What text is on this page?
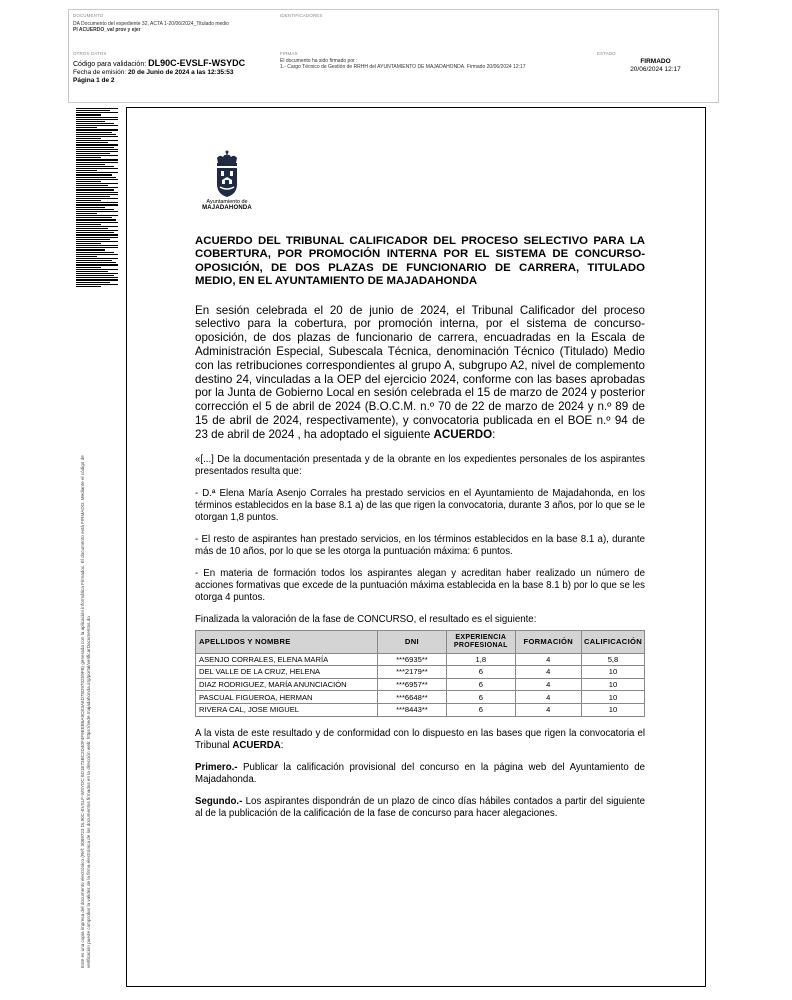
DOCUMENTO
DA Documento del expediente 32, ACTA 1-20/06/2024_Titulado medio
PI ACUERDO_val prov y ejer
IDENTIFICADORES
OTROS DATOS
Código para validación: DL90C-EVSLF-WSYDC
Fecha de emisión: 20 de Junio de 2024 a las 12:35:53
Página 1 de 2
FIRMAS
El documento ha sido firmado por :
1.- Cargo Técnico de Gestión de RRHH del AYUNTAMIENTO DE MAJADAHONDA. Firmado 20/06/2024 12:17
ESTADO
FIRMADO
20/06/2024 12:17
Este es una copia impresa del documento electrónico (Ref: 3089723 DL90C-EVSLF-WSYDC 6D1E73BC2D40F4F9EEB6A9CE3A6D75D970259FB) generada con la aplicación informática Firmadoc. El documento está FIRMADO. Mediante el código de verificación puede comprobar la validez de la firma electrónica de los documentos firmados en la dirección web: https://sede.majadahonda.org/portal/verificarDocumentos.do
Ayuntamiento de
MAJADAHONDA

ACUERDO DEL TRIBUNAL CALIFICADOR DEL PROCESO SELECTIVO PARA LA COBERTURA, POR PROMOCIÓN INTERNA POR EL SISTEMA DE CONCURSO-OPOSICIÓN, DE DOS PLAZAS DE FUNCIONARIO DE CARRERA, TITULADO MEDIO, EN EL AYUNTAMIENTO DE MAJADAHONDA

En sesión celebrada el 20 de junio de 2024, el Tribunal Calificador del proceso selectivo para la cobertura, por promoción interna, por el sistema de concurso-oposición, de dos plazas de funcionario de carrera, encuadradas en la Escala de Administración Especial, Subescala Técnica, denominación Técnico (Titulado) Medio con las retribuciones correspondientes al grupo A, subgrupo A2, nivel de complemento destino 24, vinculadas a la OEP del ejercicio 2024, conforme con las bases aprobadas por la Junta de Gobierno Local en sesión celebrada el 15 de marzo de 2024 y posterior corrección el 5 de abril de 2024 (B.O.C.M. n.º 70 de 22 de marzo de 2024 y n.º 89 de 15 de abril de 2024, respectivamente), y convocatoria publicada en el BOE n.º 94 de 23 de abril de 2024 , ha adoptado el siguiente ACUERDO:

«[...] De la documentación presentada y de la obrante en los expedientes personales de los aspirantes presentados resulta que:

- D.ª Elena María Asenjo Corrales ha prestado servicios en el Ayuntamiento de Majadahonda, en los términos establecidos en la base 8.1 a) de las que rigen la convocatoria, durante 3 años, por lo que se le otorgan 1,8 puntos.

- El resto de aspirantes han prestado servicios, en los términos establecidos en la base 8.1 a), durante más de 10 años, por lo que se les otorga la puntuación máxima: 6 puntos.

- En materia de formación todos los aspirantes alegan y acreditan haber realizado un número de acciones formativas que excede de la puntuación máxima establecida en la base 8.1 b) por lo que se les otorga 4 puntos.

Finalizada la valoración de la fase de CONCURSO, el resultado es el siguiente:

APELLIDOS Y NOMBRE	DNI	EXPERIENCIA PROFESIONAL	FORMACIÓN	CALIFICACIÓN
ASENJO CORRALES, ELENA MARÍA	***6935**	1,8	4	5,8
DEL VALLE DE LA CRUZ, HELENA	***2179**	6	4	10
DIAZ RODRIGUEZ, MARÍA ANUNCIACIÓN	***6957**	6	4	10
PASCUAL FIGUEROA, HERMAN	***6648**	6	4	10
RIVERA CAL, JOSE MIGUEL	***8443**	6	4	10

A la vista de este resultado y de conformidad con lo dispuesto en las bases que rigen la convocatoria el Tribunal ACUERDA:

Primero.- Publicar la calificación provisional del concurso en la página web del Ayuntamiento de Majadahonda.

Segundo.- Los aspirantes dispondrán de un plazo de cinco días hábiles contados a partir del siguiente al de la publicación de la calificación de la fase de concurso para hacer alegaciones.
